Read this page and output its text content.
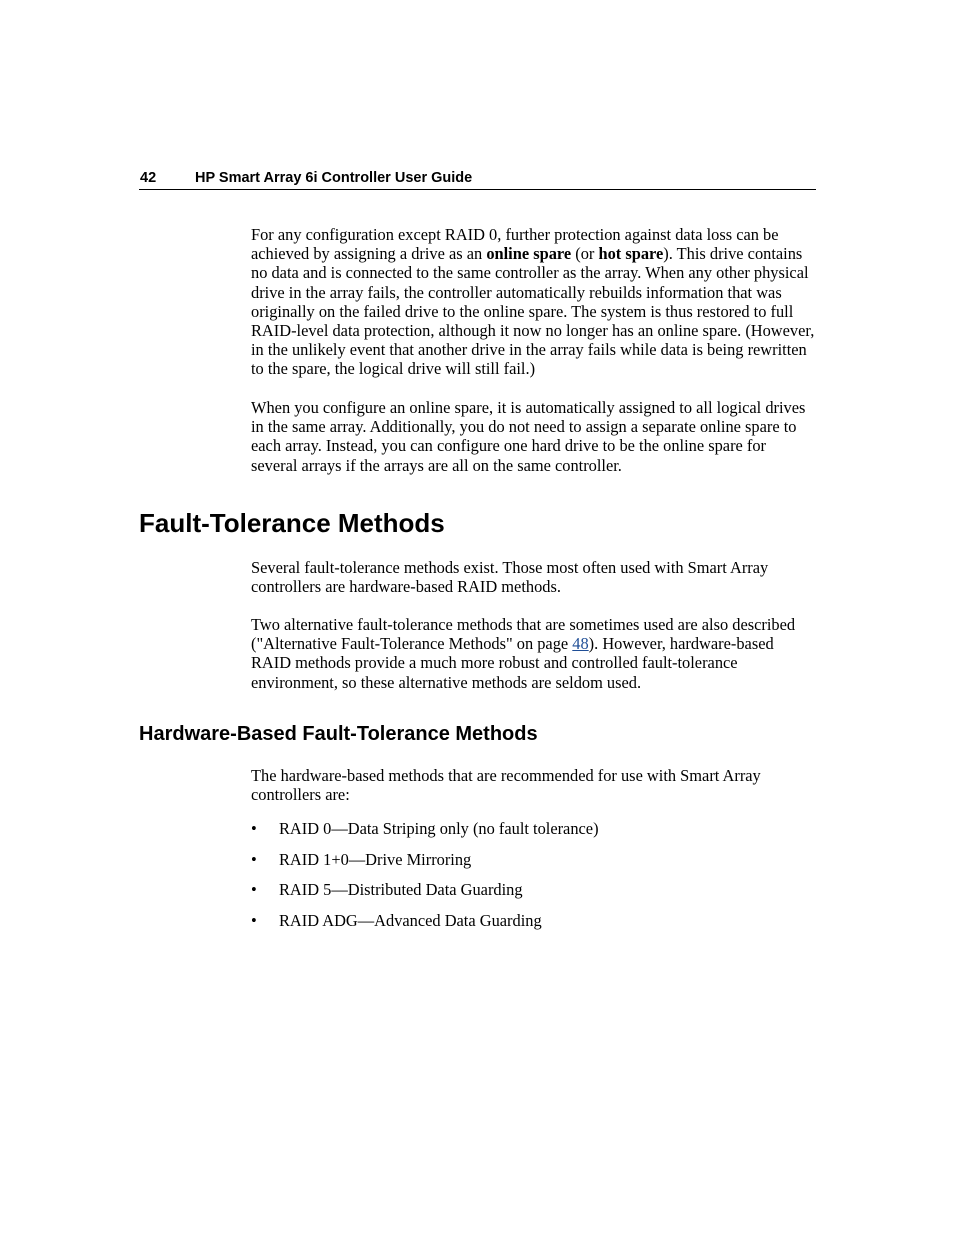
42	HP Smart Array 6i Controller User Guide

For any configuration except RAID 0, further protection against data loss can be achieved by assigning a drive as an online spare (or hot spare). This drive contains no data and is connected to the same controller as the array. When any other physical drive in the array fails, the controller automatically rebuilds information that was originally on the failed drive to the online spare. The system is thus restored to full RAID-level data protection, although it now no longer has an online spare. (However, in the unlikely event that another drive in the array fails while data is being rewritten to the spare, the logical drive will still fail.)

When you configure an online spare, it is automatically assigned to all logical drives in the same array. Additionally, you do not need to assign a separate online spare to each array. Instead, you can configure one hard drive to be the online spare for several arrays if the arrays are all on the same controller.

Fault-Tolerance Methods

Several fault-tolerance methods exist. Those most often used with Smart Array controllers are hardware-based RAID methods.

Two alternative fault-tolerance methods that are sometimes used are also described ("Alternative Fault-Tolerance Methods" on page 48). However, hardware-based RAID methods provide a much more robust and controlled fault-tolerance environment, so these alternative methods are seldom used.

Hardware-Based Fault-Tolerance Methods

The hardware-based methods that are recommended for use with Smart Array controllers are:

• RAID 0—Data Striping only (no fault tolerance)
• RAID 1+0—Drive Mirroring
• RAID 5—Distributed Data Guarding
• RAID ADG—Advanced Data Guarding
